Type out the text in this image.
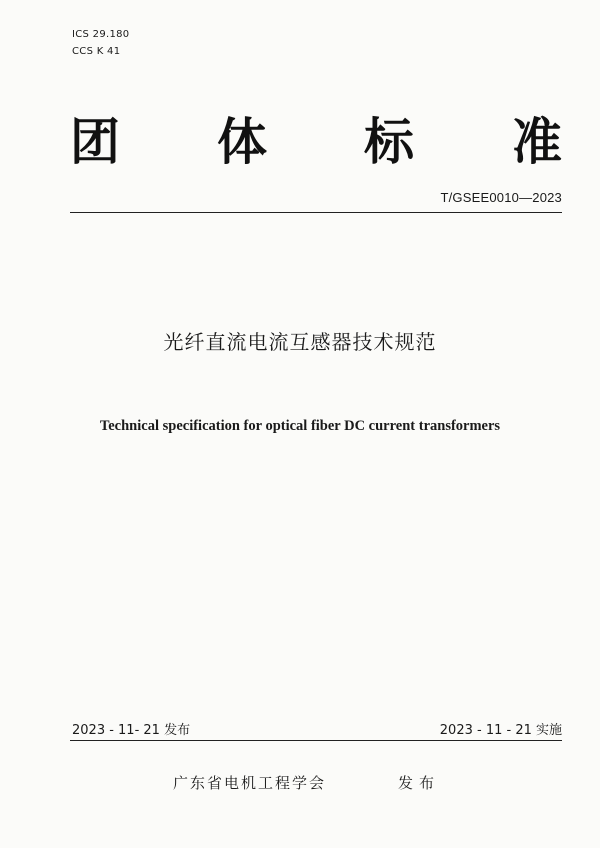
ICS 29.180
CCS K 41
团 体 标 准
T/GSEE0010—2023
光纤直流电流互感器技术规范
Technical specification for optical fiber DC current transformers
2023 - 11- 21 发布	2023 - 11 - 21 实施
广东省电机工程学会	发布
